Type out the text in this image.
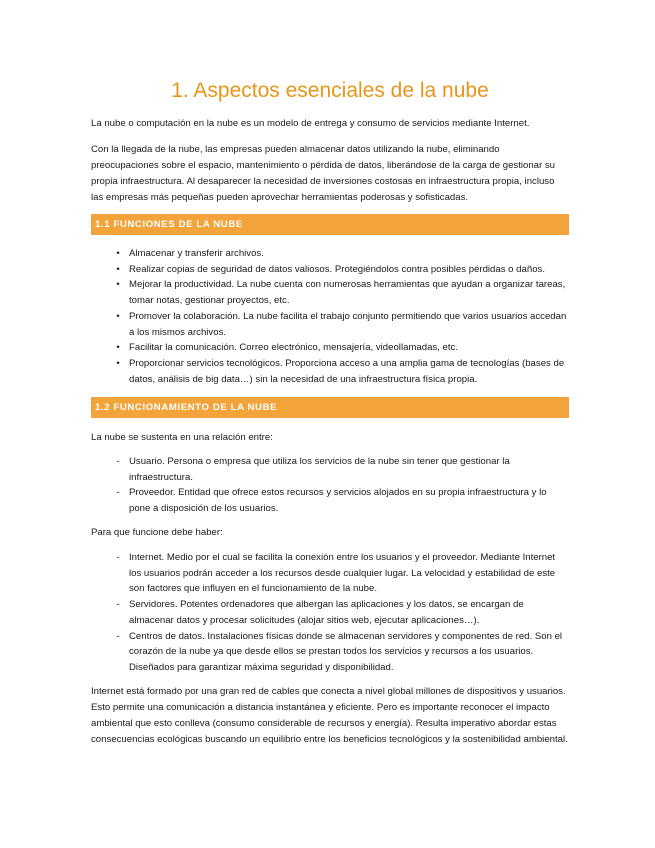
1. Aspectos esenciales de la nube

La nube o computación en la nube es un modelo de entrega y consumo de servicios mediante Internet.

Con la llegada de la nube, las empresas pueden almacenar datos utilizando la nube, eliminando preocupaciones sobre el espacio, mantenimiento o pérdida de datos, liberándose de la carga de gestionar su propia infraestructura. Al desaparecer la necesidad de inversiones costosas en infraestructura propia, incluso las empresas más pequeñas pueden aprovechar herramientas poderosas y sofisticadas.

1.1 FUNCIONES DE LA NUBE
• Almacenar y transferir archivos.
• Realizar copias de seguridad de datos valiosos. Protegiéndolos contra posibles pérdidas o daños.
• Mejorar la productividad. La nube cuenta con numerosas herramientas que ayudan a organizar tareas, tomar notas, gestionar proyectos, etc.
• Promover la colaboración. La nube facilita el trabajo conjunto permitiendo que varios usuarios accedan a los mismos archivos.
• Facilitar la comunicación. Correo electrónico, mensajería, videollamadas, etc.
• Proporcionar servicios tecnológicos. Proporciona acceso a una amplia gama de tecnologías (bases de datos, análisis de big data…) sin la necesidad de una infraestructura física propia.
1.2 FUNCIONAMIENTO DE LA NUBE

La nube se sustenta en una relación entre:

- Usuario. Persona o empresa que utiliza los servicios de la nube sin tener que gestionar la infraestructura.
- Proveedor. Entidad que ofrece estos recursos y servicios alojados en su propia infraestructura y lo pone a disposición de los usuarios.

Para que funcione debe haber:

- Internet. Medio por el cual se facilita la conexión entre los usuarios y el proveedor. Mediante Internet los usuarios podrán acceder a los recursos desde cualquier lugar. La velocidad y estabilidad de este son factores que influyen en el funcionamiento de la nube.
- Servidores. Potentes ordenadores que albergan las aplicaciones y los datos, se encargan de almacenar datos y procesar solicitudes (alojar sitios web, ejecutar aplicaciones…).
- Centros de datos. Instalaciones físicas donde se almacenan servidores y componentes de red. Son el corazón de la nube ya que desde ellos se prestan todos los servicios y recursos a los usuarios. Diseñados para garantizar máxima seguridad y disponibilidad.

Internet está formado por una gran red de cables que conecta a nivel global millones de dispositivos y usuarios. Esto permite una comunicación a distancia instantánea y eficiente. Pero es importante reconocer el impacto ambiental que esto conlleva (consumo considerable de recursos y energía). Resulta imperativo abordar estas consecuencias ecológicas buscando un equilibrio entre los beneficios tecnológicos y la sostenibilidad ambiental.
